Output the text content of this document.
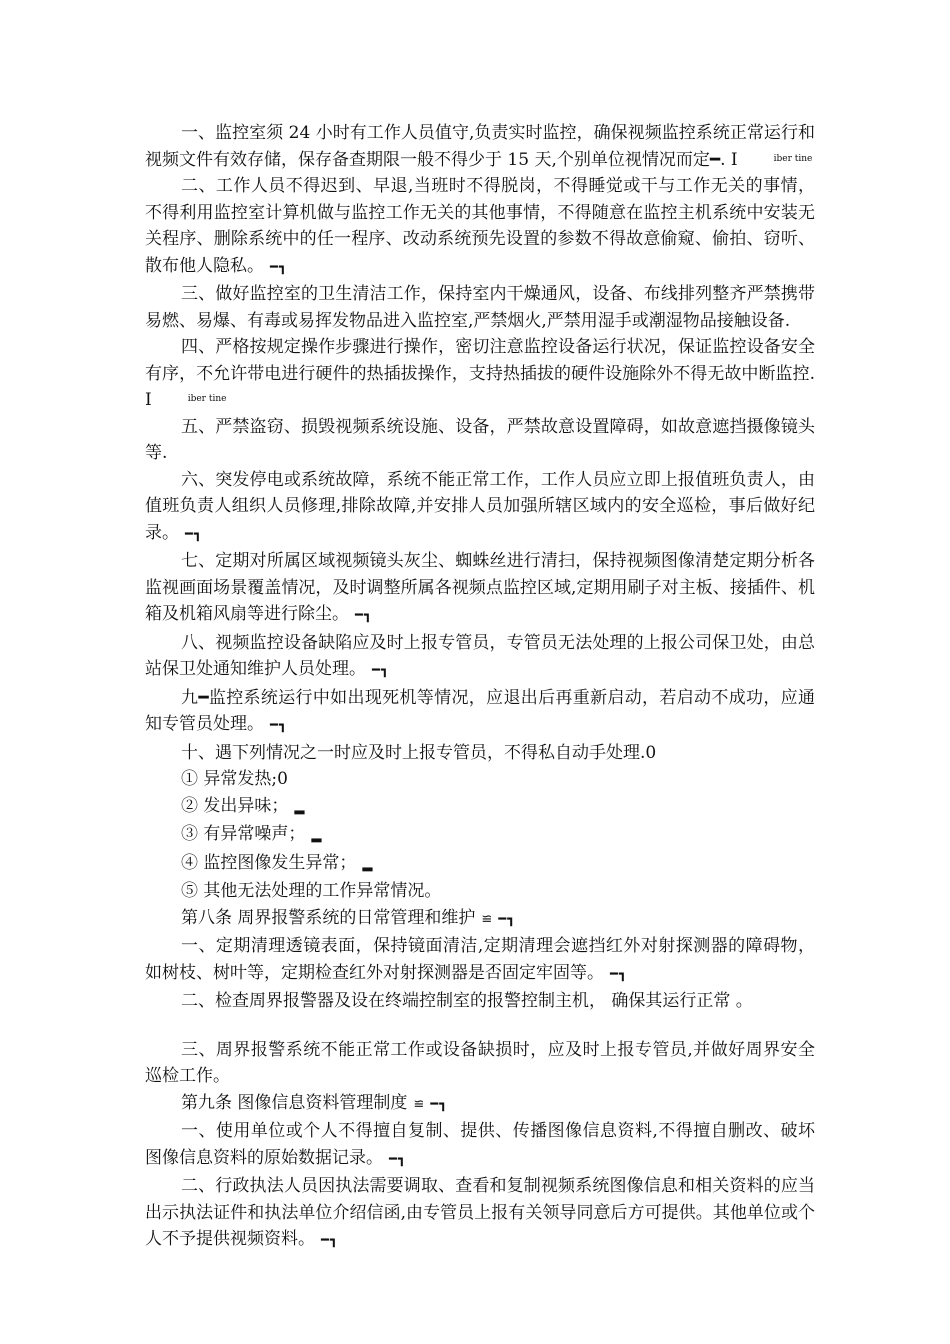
一、监控室须 24 小时有工作人员值守,负责实时监控，确保视频监控系统正常运行和视频文件有效存储，保存备查期限一般不得少于 15 天,个别单位视情况而定━. I	iber tine

二、工作人员不得迟到、早退,当班时不得脱岗，不得睡觉或干与工作无关的事情，不得利用监控室计算机做与监控工作无关的其他事情，不得随意在监控主机系统中安装无关程序、删除系统中的任一程序、改动系统预先设置的参数不得故意偷窥、偷拍、窃听、散布他人隐私。 ━┓

三、做好监控室的卫生清洁工作，保持室内干燥通风，设备、布线排列整齐严禁携带易燃、易爆、有毒或易挥发物品进入监控室,严禁烟火,严禁用湿手或潮湿物品接触设备.

四、严格按规定操作步骤进行操作，密切注意监控设备运行状况，保证监控设备安全有序，不允许带电进行硬件的热插拔操作，支持热插拔的硬件设施除外不得无故中断监控. I	iber tine

五、严禁盗窃、损毁视频系统设施、设备，严禁故意设置障碍，如故意遮挡摄像镜头等.

六、突发停电或系统故障，系统不能正常工作，工作人员应立即上报值班负责人，由值班负责人组织人员修理,排除故障,并安排人员加强所辖区域内的安全巡检，事后做好纪录。 ━┓

七、定期对所属区域视频镜头灰尘、蜘蛛丝进行清扫，保持视频图像清楚定期分析各监视画面场景覆盖情况，及时调整所属各视频点监控区域,定期用刷子对主板、接插件、机箱及机箱风扇等进行除尘。 ━┓

八、视频监控设备缺陷应及时上报专管员，专管员无法处理的上报公司保卫处，由总站保卫处通知维护人员处理。 ━┓

九━监控系统运行中如出现死机等情况，应退出后再重新启动，若启动不成功，应通知专管员处理。 ━┓

十、遇下列情况之一时应及时上报专管员，不得私自动手处理.0

① 异常发热;0

② 发出异味； ▂

③ 有异常噪声； ▂

④ 监控图像发生异常； ▂

⑤ 其他无法处理的工作异常情况。

第八条 周界报警系统的日常管理和维护 ≌ ━┓

一、定期清理透镜表面，保持镜面清洁,定期清理会遮挡红外对射探测器的障碍物，如树枝、树叶等，定期检查红外对射探测器是否固定牢固等。 ━┓

二、检查周界报警器及设在终端控制室的报警控制主机， 确保其运行正常 。

三、周界报警系统不能正常工作或设备缺损时，应及时上报专管员,并做好周界安全巡检工作。

第九条 图像信息资料管理制度 ≌ ━┓

一、使用单位或个人不得擅自复制、提供、传播图像信息资料,不得擅自删改、破坏图像信息资料的原始数据记录。 ━┓

二、行政执法人员因执法需要调取、查看和复制视频系统图像信息和相关资料的应当出示执法证件和执法单位介绍信函,由专管员上报有关领导同意后方可提供。其他单位或个人不予提供视频资料。 ━┓
